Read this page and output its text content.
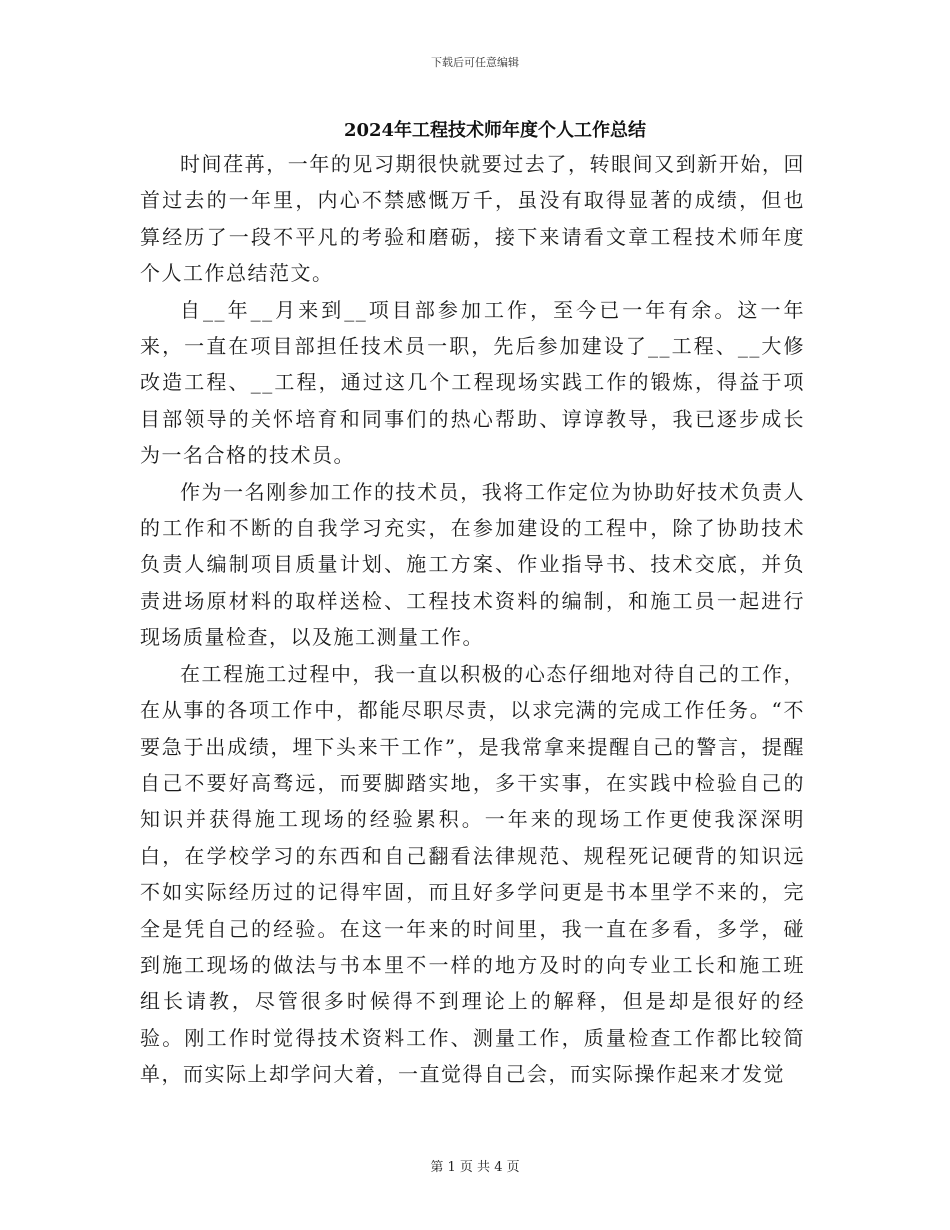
下载后可任意编辑
2024年工程技术师年度个人工作总结

时间荏苒，一年的见习期很快就要过去了，转眼间又到新开始，回首过去的一年里，内心不禁感慨万千，虽没有取得显著的成绩，但也算经历了一段不平凡的考验和磨砺，接下来请看文章工程技术师年度个人工作总结范文。

自__年__月来到__项目部参加工作，至今已一年有余。这一年来，一直在项目部担任技术员一职，先后参加建设了__工程、__大修改造工程、__工程，通过这几个工程现场实践工作的锻炼，得益于项目部领导的关怀培育和同事们的热心帮助、谆谆教导，我已逐步成长为一名合格的技术员。

作为一名刚参加工作的技术员，我将工作定位为协助好技术负责人的工作和不断的自我学习充实，在参加建设的工程中，除了协助技术负责人编制项目质量计划、施工方案、作业指导书、技术交底，并负责进场原材料的取样送检、工程技术资料的编制，和施工员一起进行现场质量检查，以及施工测量工作。

在工程施工过程中，我一直以积极的心态仔细地对待自己的工作，在从事的各项工作中，都能尽职尽责，以求完满的完成工作任务。“不要急于出成绩，埋下头来干工作”，是我常拿来提醒自己的警言，提醒自己不要好高骛远，而要脚踏实地，多干实事，在实践中检验自己的知识并获得施工现场的经验累积。一年来的现场工作更使我深深明白，在学校学习的东西和自己翻看法律规范、规程死记硬背的知识远不如实际经历过的记得牢固，而且好多学问更是书本里学不来的，完全是凭自己的经验。在这一年来的时间里，我一直在多看，多学，碰到施工现场的做法与书本里不一样的地方及时的向专业工长和施工班组长请教，尽管很多时候得不到理论上的解释，但是却是很好的经验。刚工作时觉得技术资料工作、测量工作，质量检查工作都比较简单，而实际上却学问大着，一直觉得自己会，而实际操作起来才发觉

第 1 页 共 4 页
